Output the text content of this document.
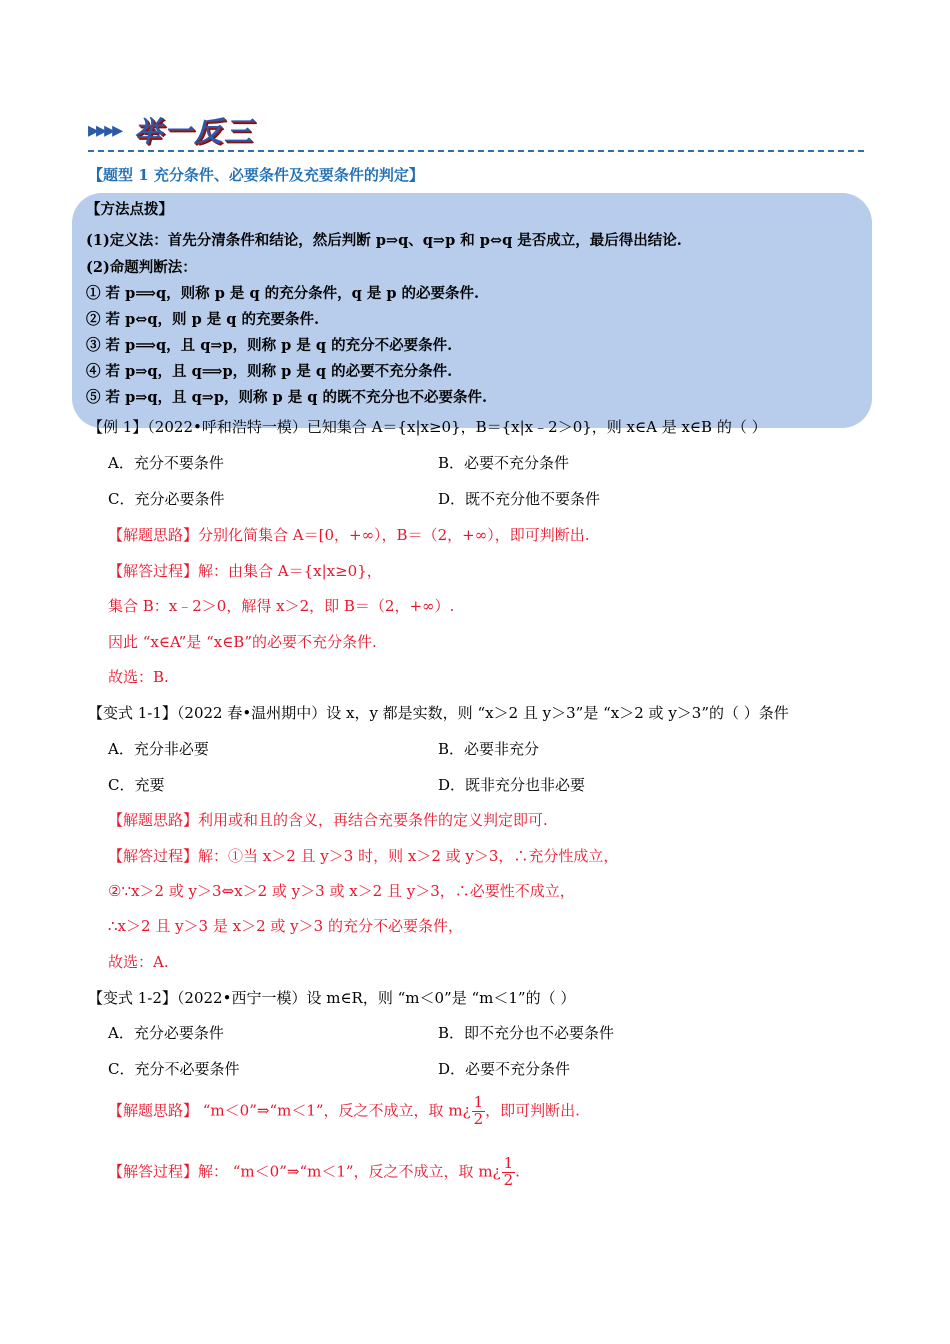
▸▸▸▸ 举一反三
【题型 1 充分条件、必要条件及充要条件的判定】
【方法点拨】
(1)定义法：首先分清条件和结论，然后判断 p⇒q、q⇒p 和 p⇔q 是否成立，最后得出结论.
(2)命题判断法：
① 若 p⟹q，则称 p 是 q 的充分条件，q 是 p 的必要条件.
② 若 p⇔q，则 p 是 q 的充要条件.
③ 若 p⟹q，且 q⇒p，则称 p 是 q 的充分不必要条件.
④ 若 p⇒q，且 q⟹p，则称 p 是 q 的必要不充分条件.
⑤ 若 p⇒q，且 q⇒p，则称 p 是 q 的既不充分也不必要条件.
【例 1】（2022•呼和浩特一模）已知集合 A＝{x|x≥0}，B＝{x|x﹣2＞0}，则 x∈A 是 x∈B 的（ ）
A．充分不要条件	B．必要不充分条件
C．充分必要条件	D．既不充分他不要条件
【解题思路】分别化简集合 A＝[0，+∞），B＝（2，+∞），即可判断出.
【解答过程】解：由集合 A＝{x|x≥0}，
集合 B：x﹣2＞0，解得 x＞2，即 B＝（2，+∞）.
因此 “x∈A”是 “x∈B”的必要不充分条件.
故选：B.
【变式 1-1】（2022 春•温州期中）设 x，y 都是实数，则 “x＞2 且 y＞3”是 “x＞2 或 y＞3”的（ ）条件
A．充分非必要	B．必要非充分
C．充要	D．既非充分也非必要
【解题思路】利用或和且的含义，再结合充要条件的定义判定即可.
【解答过程】解：①当 x＞2 且 y＞3 时，则 x＞2 或 y＞3，∴充分性成立，
②∵x＞2 或 y＞3⇔x＞2 或 y＞3 或 x＞2 且 y＞3，∴必要性不成立，
∴x＞2 且 y＞3 是 x＞2 或 y＞3 的充分不必要条件，
故选：A.
【变式 1-2】（2022•西宁一模）设 m∈R，则 “m＜0”是 “m＜1”的（ ）
A．充分必要条件	B．即不充分也不必要条件
C．充分不必要条件	D．必要不充分条件
【解题思路】 “m＜0”⇒“m＜1”，反之不成立，取 m¿ $\frac{1}{2}$ ，即可判断出.
【解答过程】解： “m＜0”⇒“m＜1”，反之不成立，取 m¿ $\frac{1}{2}$ .
